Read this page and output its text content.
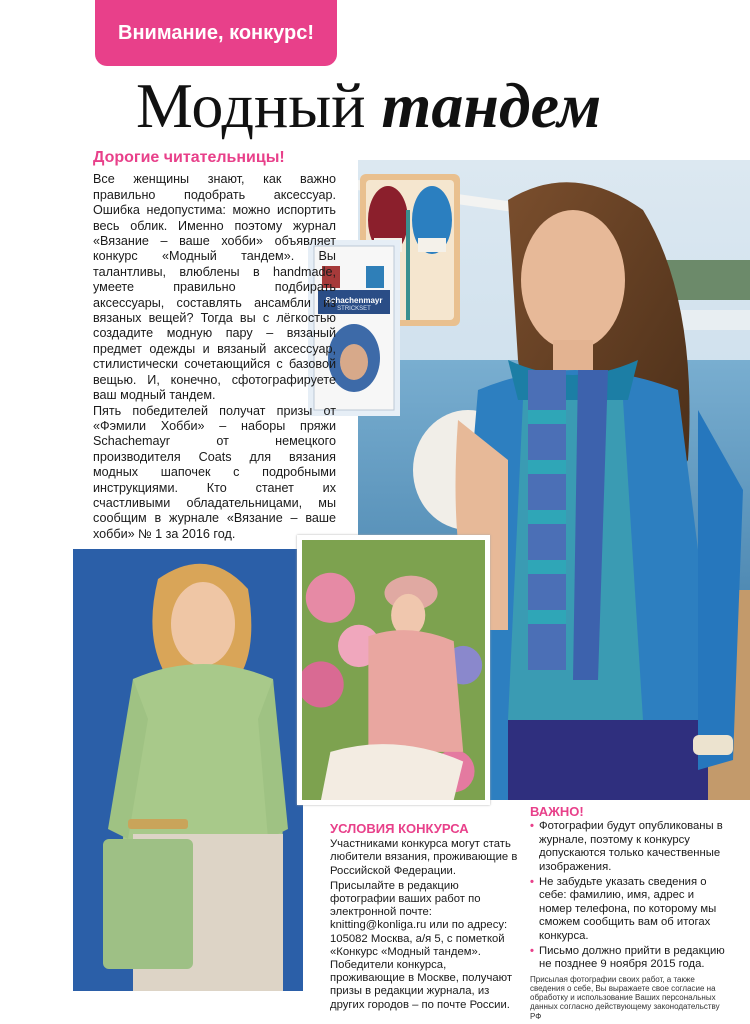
Schachenmayr
STRICKSET
Внимание, конкурс!
Модный тандем
Дорогие читательницы!

Все женщины знают, как важно правильно подобрать аксессуар. Ошибка недопустима: можно испортить весь облик. Именно поэтому журнал «Вязание – ваше хобби» объявляет конкурс «Модный тандем». Вы талантливы, влюблены в handmade, умеете правильно подбирать аксессуары, составлять ансамбли из вязаных вещей? Тогда вы с лёгкостью создадите модную пару – вязаный предмет одежды и вязаный аксессуар, стилистически сочетающийся с базовой вещью. И, конечно, сфотографируете ваш модный тандем.

Пять победителей получат призы от «Фэмили Хобби» – наборы пряжи Schachemayr от немецкого производителя Coats для вязания модных шапочек с подробными инструкциями. Кто станет их счастливыми обладательницами, мы сообщим в журнале «Вязание – ваше хобби» № 1 за 2016 год.

УСЛОВИЯ КОНКУРСА

Участниками конкурса могут стать любители вязания, проживающие в Российской Федерации.

Присылайте в редакцию фотографии ваших работ по электронной почте: knitting@konliga.ru или по адресу: 105082 Москва, а/я 5, с пометкой «Конкурс «Модный тандем». Победители конкурса, проживающие в Москве, получают призы в редакции журнала, из других городов – по почте России.

ВАЖНО!
• Фотографии будут опубликованы в журнале, поэтому к конкурсу допускаются только качественные изображения.
• Не забудьте указать сведения о себе: фамилию, имя, адрес и номер телефона, по которому мы сможем сообщить вам об итогах конкурса.
• Письмо должно прийти в редакцию не позднее 9 ноября 2015 года.
Присылая фотографии своих работ, а также сведения о себе, Вы выражаете свое согласие на обработку и использование Ваших персональных данных согласно действующему законодательству РФ
